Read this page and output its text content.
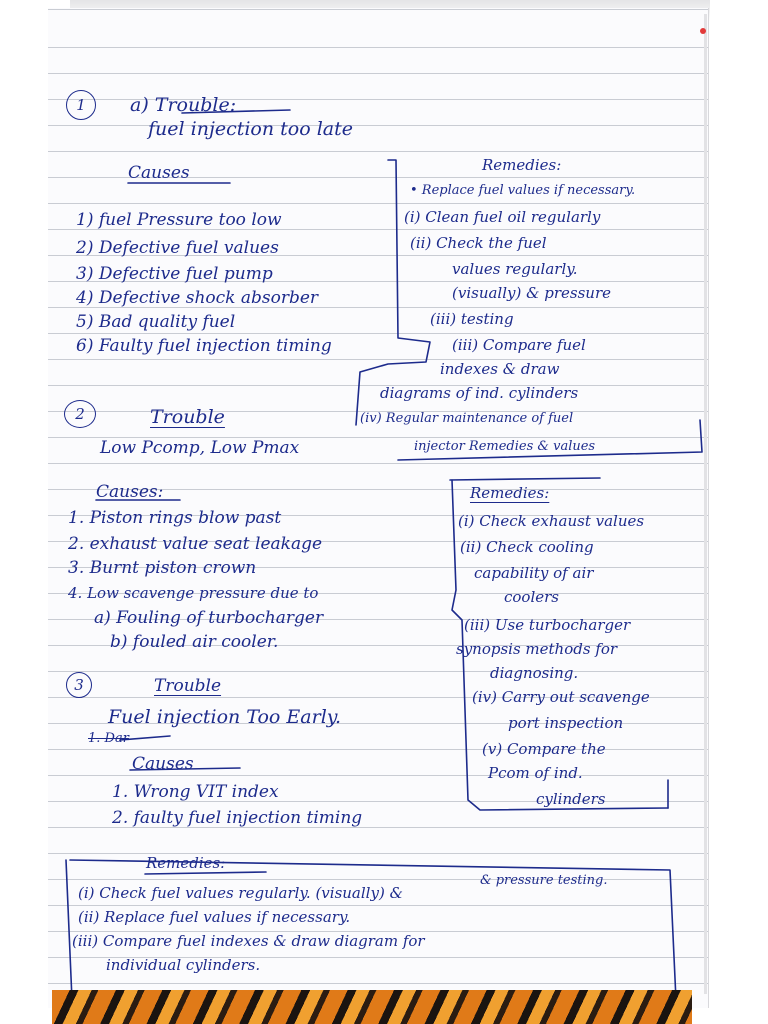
1	a) Trouble:
fuel injection too late
Causes
1) fuel Pressure too low
2) Defective fuel values
3) Defective fuel pump
4) Defective shock absorber
5) Bad quality fuel
6) Faulty fuel injection timing
Remedies:
• Replace fuel values if necessary.
(i) Clean fuel oil regularly
(ii) Check the fuel
values regularly.
(visually) & pressure
(iii) testing
(iii) Compare fuel
indexes & draw
diagrams of ind. cylinders
(iv) Regular maintenance of fuel
injector Remedies & values
2	Trouble
Low Pcomp, Low Pmax
Causes:
1. Piston rings blow past
2. exhaust value seat leakage
3. Burnt piston crown
4. Low scavenge pressure due to
a) Fouling of turbocharger
b) fouled air cooler.
Remedies:
(i) Check exhaust values
(ii) Check cooling
capability of air
coolers
(iii) Use turbocharger
synopsis methods for
diagnosing.
(iv) Carry out scavenge
port inspection
(v) Compare the
Pcom of ind.
cylinders
3	Trouble
Fuel injection Too Early.
1. Dar
Causes
1. Wrong VIT index
2. faulty fuel injection timing
Remedies:
& pressure testing.
(i) Check fuel values regularly. (visually) &
(ii) Replace fuel values if necessary.
(iii) Compare fuel indexes & draw diagram for
individual cylinders.
